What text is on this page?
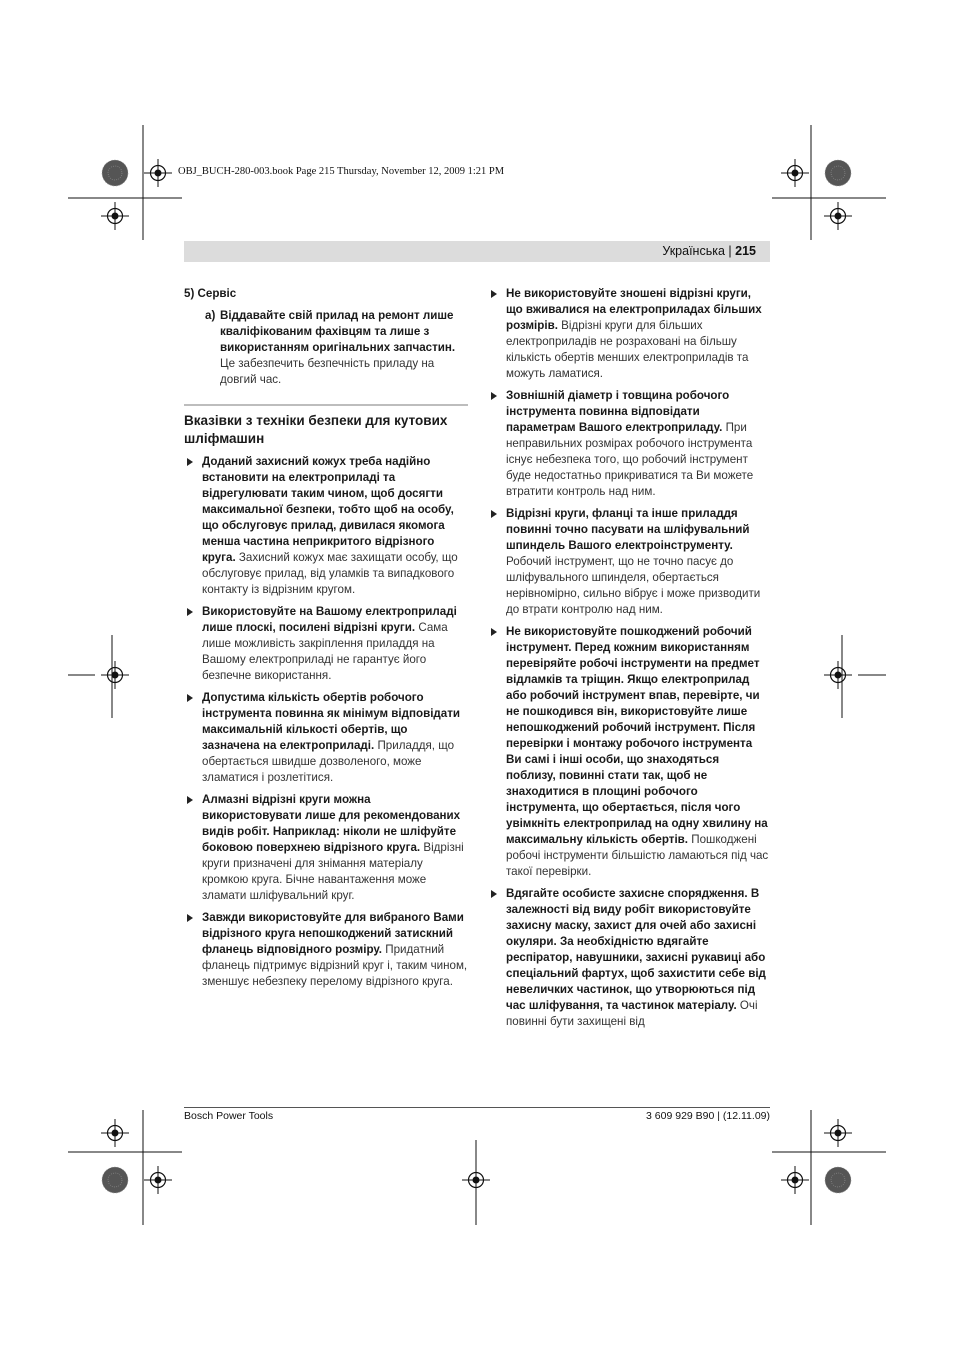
OBJ_BUCH-280-003.book Page 215 Thursday, November 12, 2009 1:21 PM
Українська | 215

5) Сервіс

a) Віддавайте свій прилад на ремонт лише кваліфікованим фахівцям та лише з використанням оригінальних запчастин. Це забезпечить безпечність приладу на довгий час.
Вказівки з техніки безпеки для кутових шліфмашин
Доданий захисний кожух треба надійно встановити на електроприладі та відрегулювати таким чином, щоб досягти максимальної безпеки, тобто щоб на особу, що обслуговує прилад, дивилася якомога менша частина неприкритого відрізного круга. Захисний кожух має захищати особу, що обслуговує прилад, від уламків та випадкового контакту із відрізним кругом.
Використовуйте на Вашому електроприладі лише плоскі, посилені відрізні круги. Сама лише можливість закріплення приладдя на Вашому електроприладі не гарантує його безпечне використання.
Допустима кількість обертів робочого інструмента повинна як мінімум відповідати максимальній кількості обертів, що зазначена на електроприладі. Приладдя, що обертається швидше дозволеного, може зламатися і розлетітися.
Алмазні відрізні круги можна використовувати лише для рекомендованих видів робіт. Наприклад: ніколи не шліфуйте боковою поверхнею відрізного круга. Відрізні круги призначені для знімання матеріалу кромкою круга. Бічне навантаження може зламати шліфувальний круг.
Завжди використовуйте для вибраного Вами відрізного круга непошкоджений затискний фланець відповідного розміру. Придатний фланець підтримує відрізний круг і, таким чином, зменшує небезпеку перелому відрізного круга.
Не використовуйте зношені відрізні круги, що вживалися на електроприладах більших розмірів. Відрізні круги для більших електроприладів не розраховані на більшу кількість обертів менших електроприладів та можуть ламатися.
Зовнішній діаметр і товщина робочого інструмента повинна відповідати параметрам Вашого електроприладу. При неправильних розмірах робочого інструмента існує небезпека того, що робочий інструмент буде недостатньо прикриватися та Ви можете втратити контроль над ним.
Відрізні круги, фланці та інше приладдя повинні точно пасувати на шліфувальний шпиндель Вашого електроінструменту. Робочий інструмент, що не точно пасує до шліфувального шпинделя, обертається нерівномірно, сильно вібрує і може призводити до втрати контролю над ним.
Не використовуйте пошкоджений робочий інструмент. Перед кожним використанням перевіряйте робочі інструменти на предмет відламків та тріщин. Якщо електроприлад або робочий інструмент впав, перевірте, чи не пошкодився він, використовуйте лише непошкоджений робочий інструмент. Після перевірки і монтажу робочого інструмента Ви самі і інші особи, що знаходяться поблизу, повинні стати так, щоб не знаходитися в площині робочого інструмента, що обертається, після чого увімкніть електроприлад на одну хвилину на максимальну кількість обертів. Пошкоджені робочі інструменти більшістю ламаються під час такої перевірки.
Вдягайте особисте захисне спорядження. В залежності від виду робіт використовуйте захисну маску, захист для очей або захисні окуляри. За необхідністю вдягайте респіратор, навушники, захисні рукавиці або спеціальний фартух, щоб захистити себе від невеличких частинок, що утворюються під час шліфування, та частинок матеріалу. Очі повинні бути захищені від
Bosch Power Tools	3 609 929 B90 | (12.11.09)
